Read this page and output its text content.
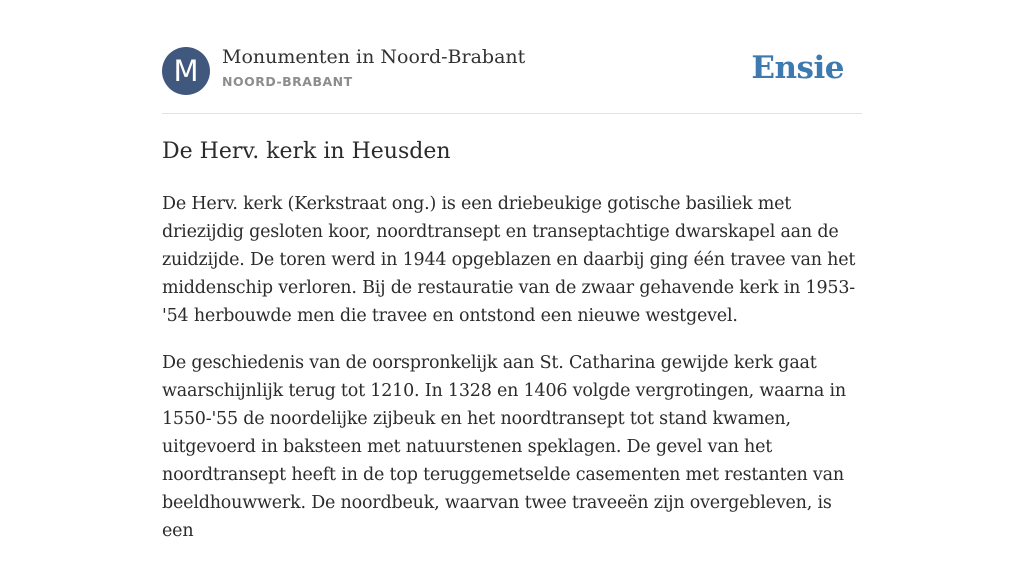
M	Monumenten in Noord-Brabant
NOORD-BRABANT	Ensie
De Herv. kerk in Heusden

De Herv. kerk (Kerkstraat ong.) is een driebeukige gotische basiliek met driezijdig gesloten koor, noordtransept en transeptachtige dwarskapel aan de zuidzijde. De toren werd in 1944 opgeblazen en daarbij ging één travee van het middenschip verloren. Bij de restauratie van de zwaar gehavende kerk in 1953-'54 herbouwde men die travee en ontstond een nieuwe westgevel.

De geschiedenis van de oorspronkelijk aan St. Catharina gewijde kerk gaat waarschijnlijk terug tot 1210. In 1328 en 1406 volgde vergrotingen, waarna in 1550-'55 de noordelijke zijbeuk en het noordtransept tot stand kwamen, uitgevoerd in baksteen met natuurstenen speklagen. De gevel van het noordtransept heeft in de top teruggemetselde casementen met restanten van beeldhouwwerk. De noordbeuk, waarvan twee traveeën zijn overgebleven, is een
